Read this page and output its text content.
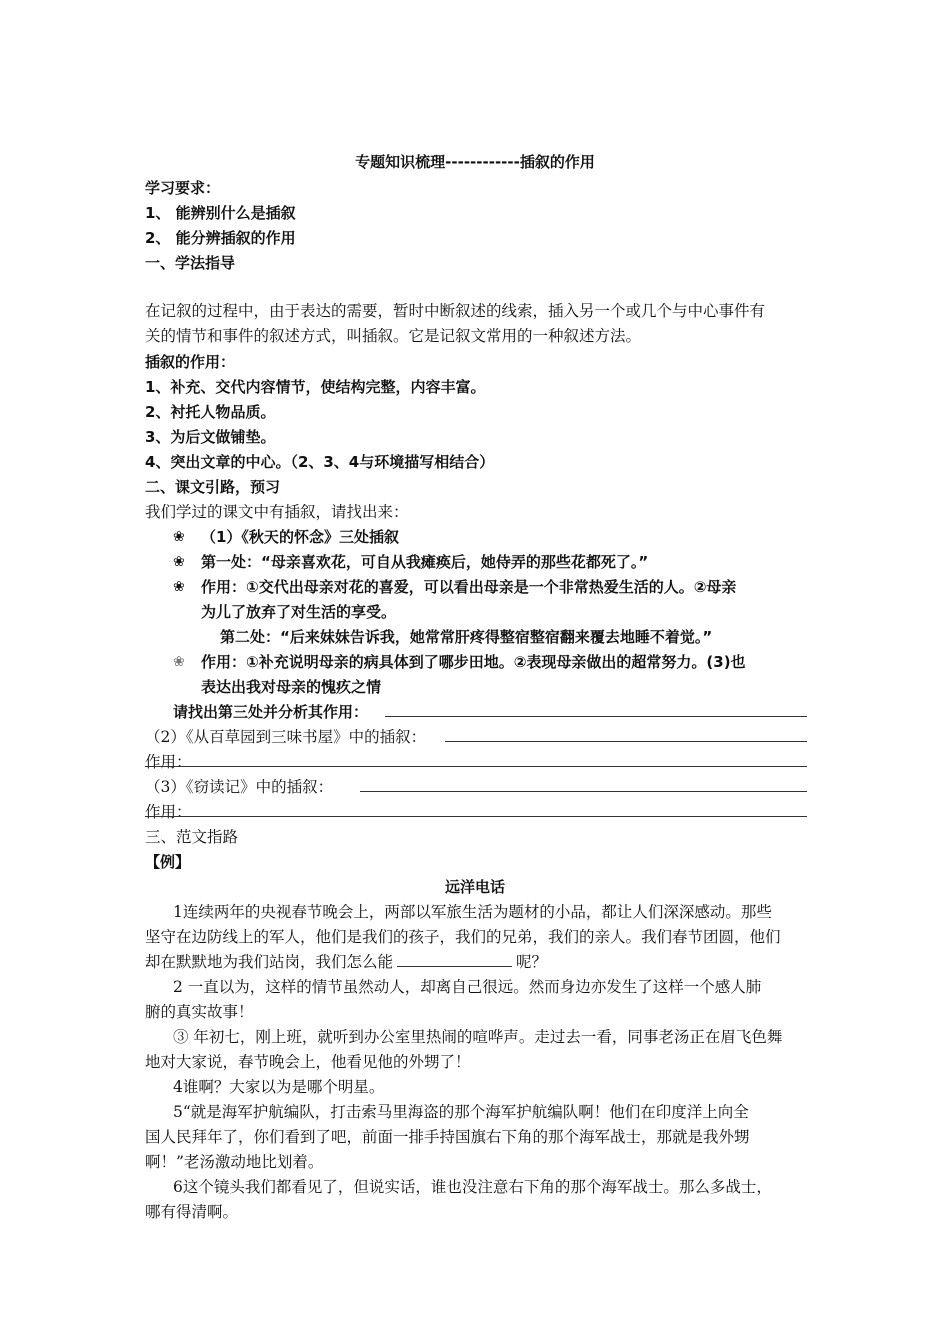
专题知识梳理------------插叙的作用
学习要求：
1、 能辨别什么是插叙
2、 能分辨插叙的作用
一、学法指导
在记叙的过程中，由于表达的需要，暂时中断叙述的线索，插入另一个或几个与中心事件有
关的情节和事件的叙述方式，叫插叙。它是记叙文常用的一种叙述方法。
插叙的作用：
1、补充、交代内容情节，使结构完整，内容丰富。
2、衬托人物品质。
3、为后文做铺垫。
4、突出文章的中心。（2、3、4与环境描写相结合）
二、课文引路，预习
我们学过的课文中有插叙，请找出来：
❀ （1）《秋天的怀念》三处插叙
❀ 第一处：“母亲喜欢花，可自从我瘫痪后，她侍弄的那些花都死了。”
❀ 作用：①交代出母亲对花的喜爱，可以看出母亲是一个非常热爱生活的人。②母亲
为儿了放弃了对生活的享受。
第二处：“后来妹妹告诉我，她常常肝疼得整宿整宿翻来覆去地睡不着觉。”
❀ 作用：①补充说明母亲的病具体到了哪步田地。②表现母亲做出的超常努力。(3)也
表达出我对母亲的愧疚之情
请找出第三处并分析其作用：
（2）《从百草园到三味书屋》中的插叙：
作用：
（3）《窃读记》中的插叙：
作用：
三、范文指路
【例】
远洋电话
1连续两年的央视春节晚会上，两部以军旅生活为题材的小品，都让人们深深感动。那些
坚守在边防线上的军人，他们是我们的孩子，我们的兄弟，我们的亲人。我们春节团圆，他们
却在默默地为我们站岗，我们怎么能	呢？
2 一直以为，这样的情节虽然动人，却离自己很远。然而身边亦发生了这样一个感人肺
腑的真实故事！
③ 年初七，刚上班，就听到办公室里热闹的喧哗声。走过去一看，同事老汤正在眉飞色舞
地对大家说，春节晚会上，他看见他的外甥了！
4谁啊？大家以为是哪个明星。
5“就是海军护航编队，打击索马里海盗的那个海军护航编队啊！他们在印度洋上向全
国人民拜年了，你们看到了吧，前面一排手持国旗右下角的那个海军战士，那就是我外甥
啊！”老汤激动地比划着。
6这个镜头我们都看见了，但说实话，谁也没注意右下角的那个海军战士。那么多战士，
哪有得清啊。
